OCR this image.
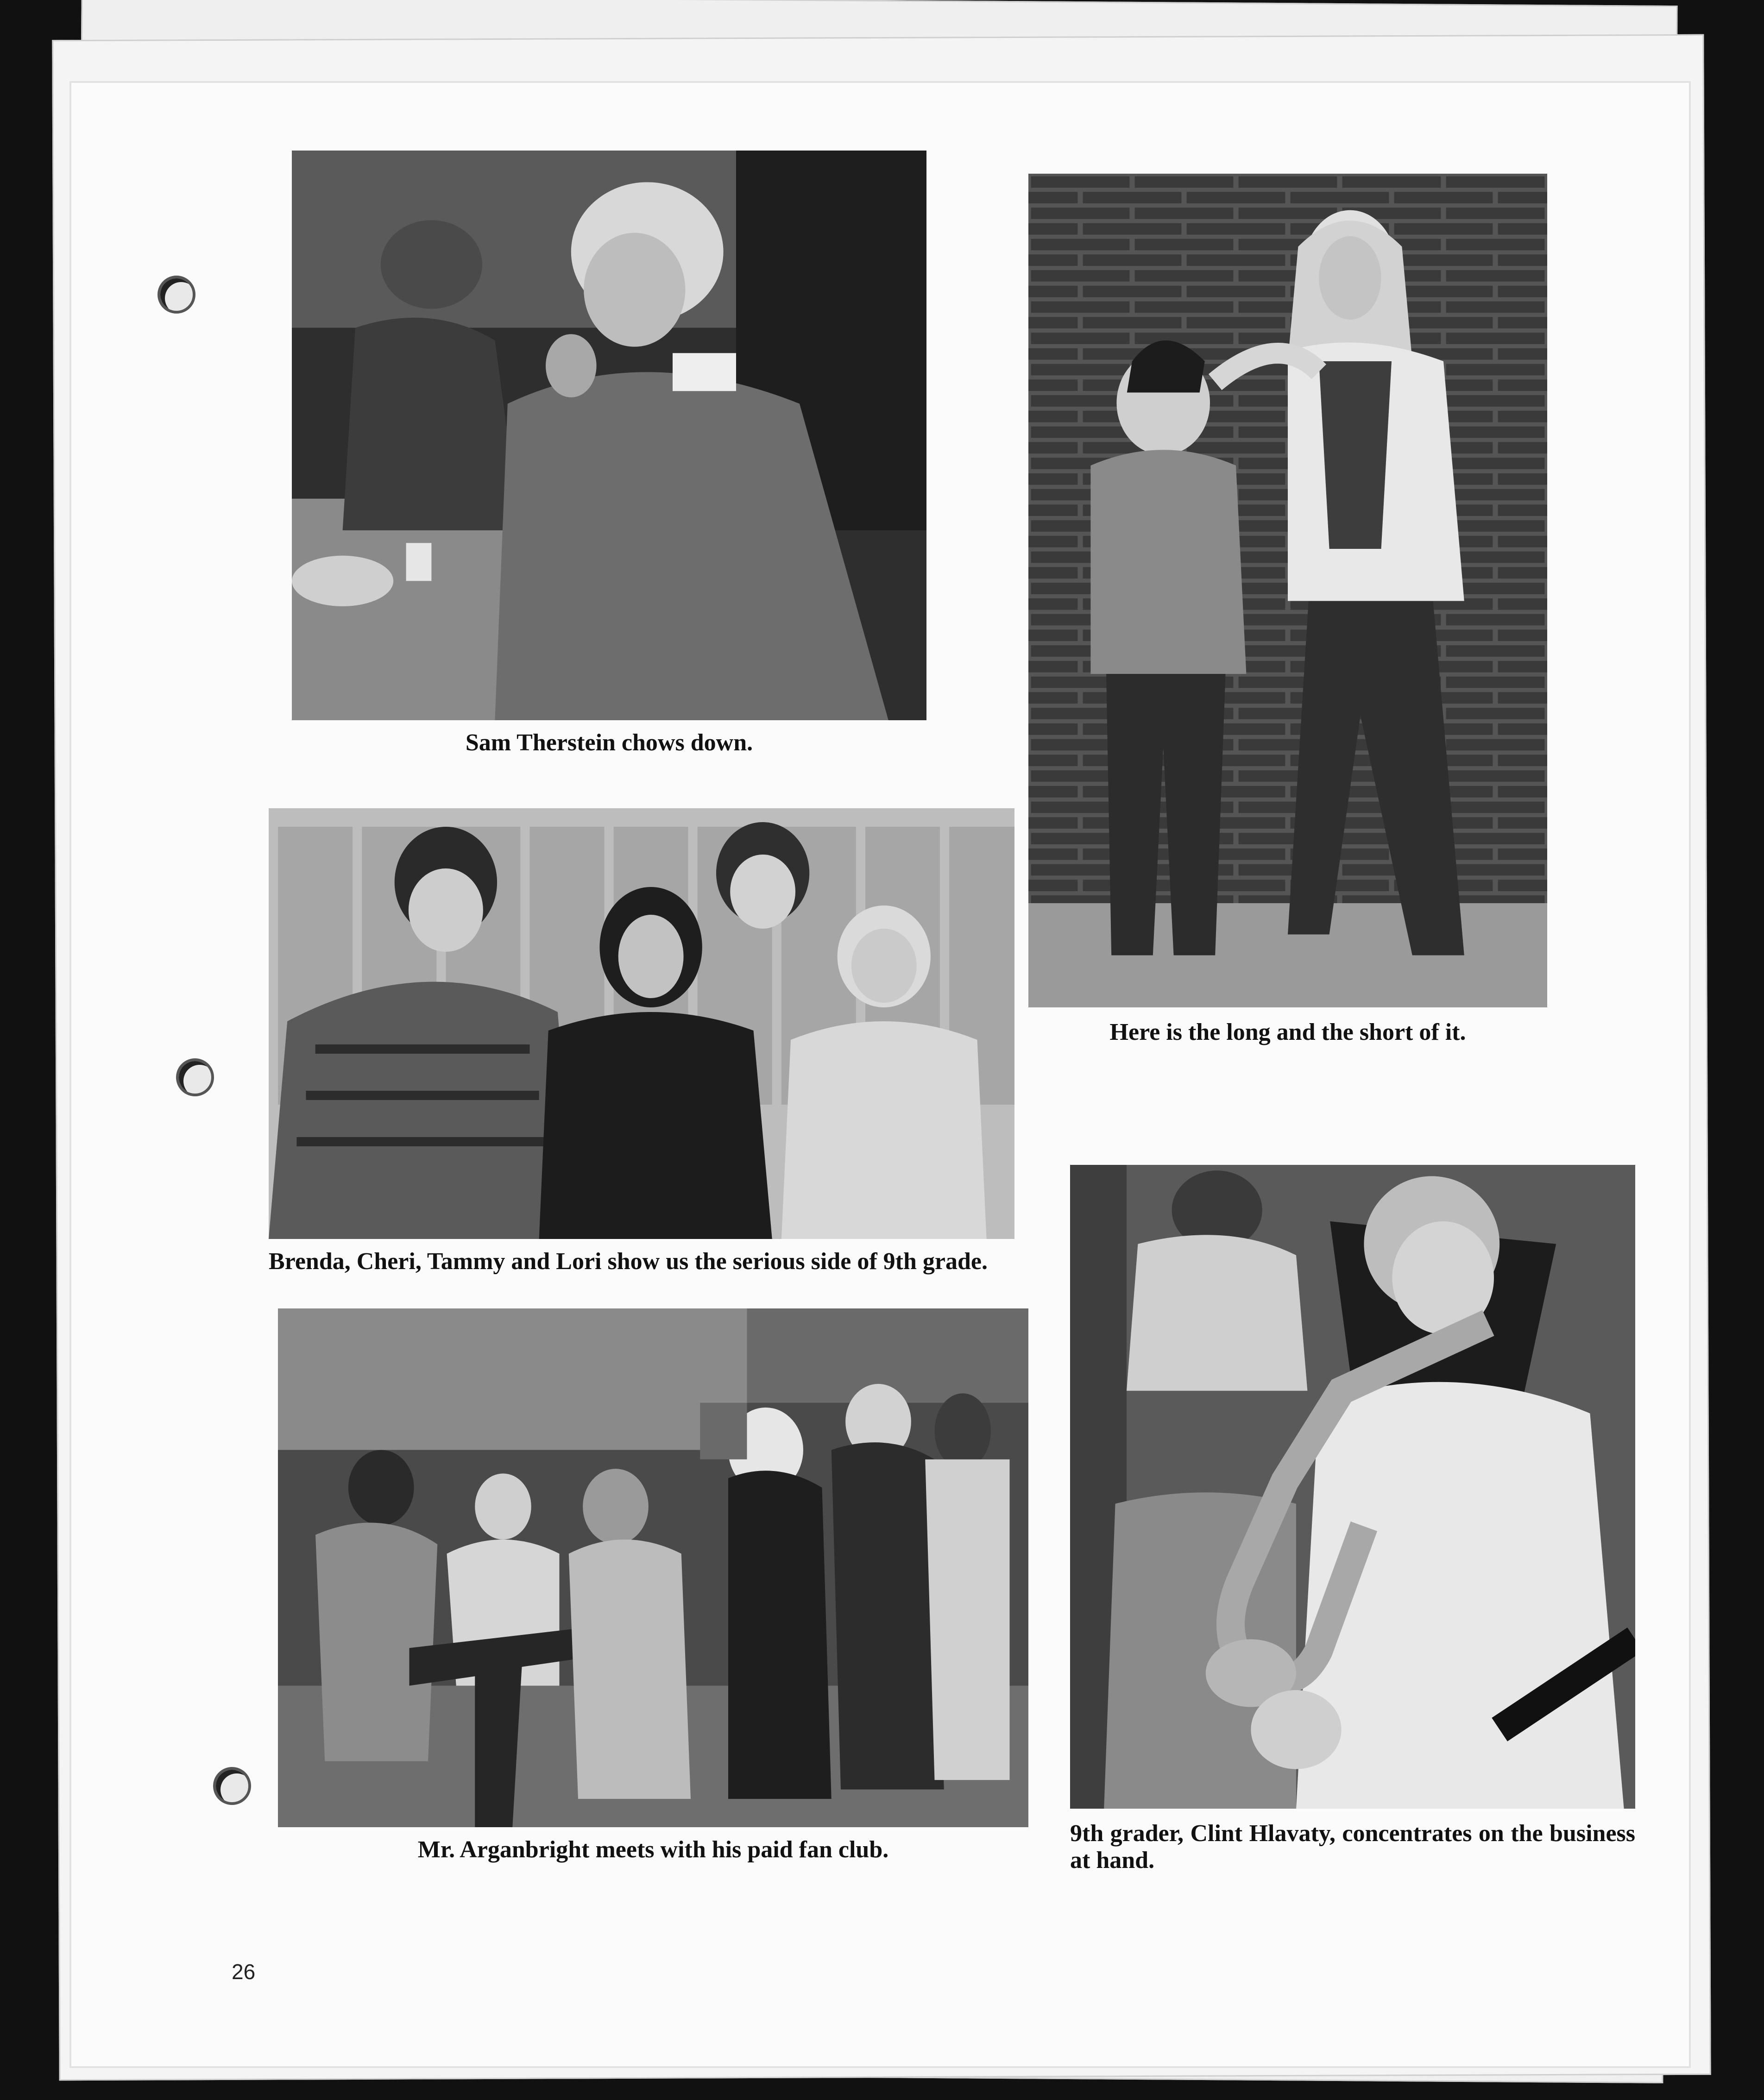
Sam Therstein chows down.

Here is the long and the short of it.

Brenda, Cheri, Tammy and Lori show us the serious side of 9th grade.

Mr. Arganbright meets with his paid fan club.

9th grader, Clint Hlavaty, concentrates on the business at hand.

26
